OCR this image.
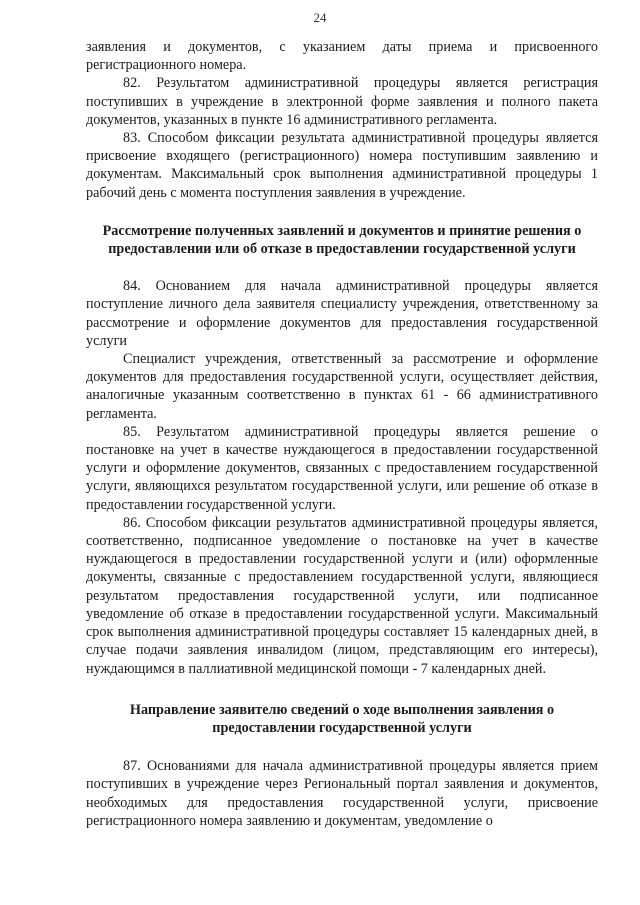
24

заявления и документов, с указанием даты приема и присвоенного регистрационного номера.

82. Результатом административной процедуры является регистрация поступивших в учреждение в электронной форме заявления и полного пакета документов, указанных в пункте 16 административного регламента.

83. Способом фиксации результата административной процедуры является присвоение входящего (регистрационного) номера поступившим заявлению и документам. Максимальный срок выполнения административной процедуры 1 рабочий день с момента поступления заявления в учреждение.

Рассмотрение полученных заявлений и документов и принятие решения о предоставлении или об отказе в предоставлении государственной услуги

84. Основанием для начала административной процедуры является поступление личного дела заявителя специалисту учреждения, ответственному за рассмотрение и оформление документов для предоставления государственной услуги

Специалист учреждения, ответственный за рассмотрение и оформление документов для предоставления государственной услуги, осуществляет действия, аналогичные указанным соответственно в пунктах 61 - 66 административного регламента.

85. Результатом административной процедуры является решение о постановке на учет в качестве нуждающегося в предоставлении государственной услуги и оформление документов, связанных с предоставлением государственной услуги, являющихся результатом государственной услуги, или решение об отказе в предоставлении государственной услуги.

86. Способом фиксации результатов административной процедуры является, соответственно, подписанное уведомление о постановке на учет в качестве нуждающегося в предоставлении государственной услуги и (или) оформленные документы, связанные с предоставлением государственной услуги, являющиеся результатом предоставления государственной услуги, или подписанное уведомление об отказе в предоставлении государственной услуги. Максимальный срок выполнения административной процедуры составляет 15 календарных дней, в случае подачи заявления инвалидом (лицом, представляющим его интересы), нуждающимся в паллиативной медицинской помощи - 7 календарных дней.

Направление заявителю сведений о ходе выполнения заявления о предоставлении государственной услуги

87. Основаниями для начала административной процедуры является прием поступивших в учреждение через Региональный портал заявления и документов, необходимых для предоставления государственной услуги, присвоение регистрационного номера заявлению и документам, уведомление о
